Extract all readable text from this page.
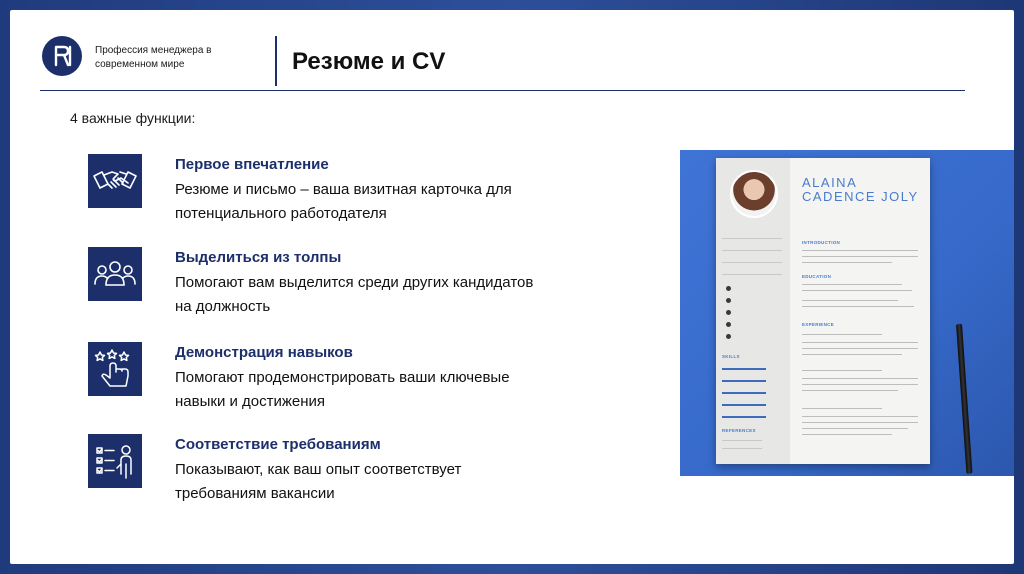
Профессия менеджера в современном мире	Резюме и CV
4 важные функции:
Первое впечатление
Резюме и письмо – ваша визитная карточка для потенциального работодателя
Выделиться из толпы
Помогают вам выделится среди других кандидатов на должность
Демонстрация навыков
Помогают продемонстрировать ваши ключевые навыки и достижения
Соответствие требованиям
Показывают, как ваш опыт соответствует требованиям вакансии
SKILLS
REFERENCES
ALAINA
CADENCE JOLY
INTRODUCTION
EDUCATION
EXPERIENCE
